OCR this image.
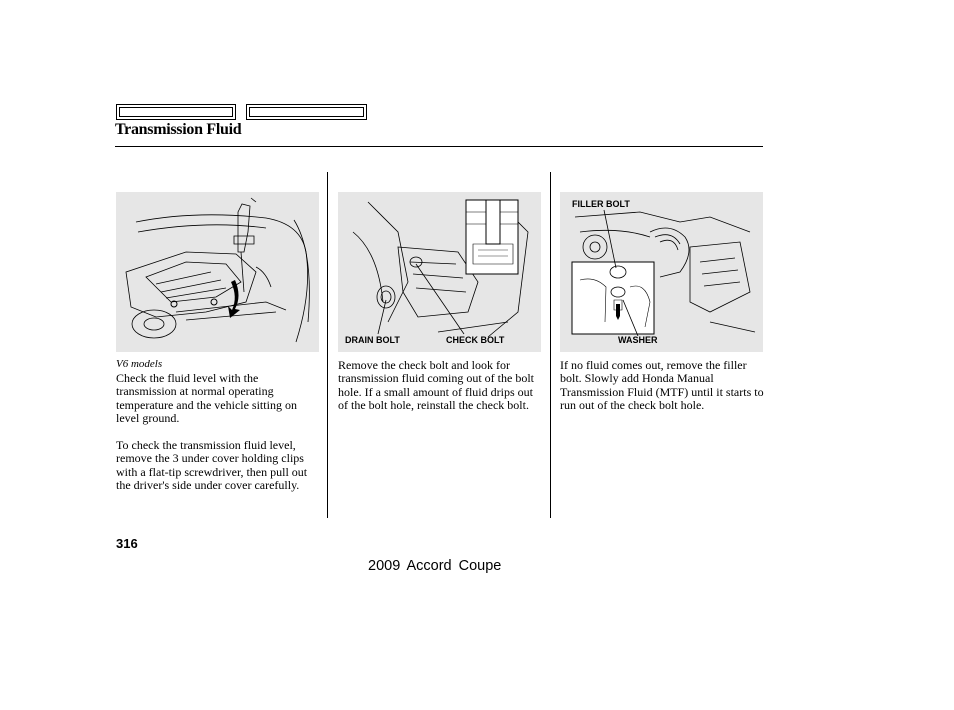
Transmission Fluid
DRAIN BOLT	CHECK BOLT
FILLER BOLT
WASHER
V6 models
Check the fluid level with the transmission at normal operating temperature and the vehicle sitting on level ground.
To check the transmission fluid level, remove the 3 under cover holding clips with a flat-tip screwdriver, then pull out the driver's side under cover carefully.
Remove the check bolt and look for transmission fluid coming out of the bolt hole. If a small amount of fluid drips out of the bolt hole, reinstall the check bolt.
If no fluid comes out, remove the filler bolt. Slowly add Honda Manual Transmission Fluid (MTF) until it starts to run out of the check bolt hole.
316
2009 Accord Coupe
